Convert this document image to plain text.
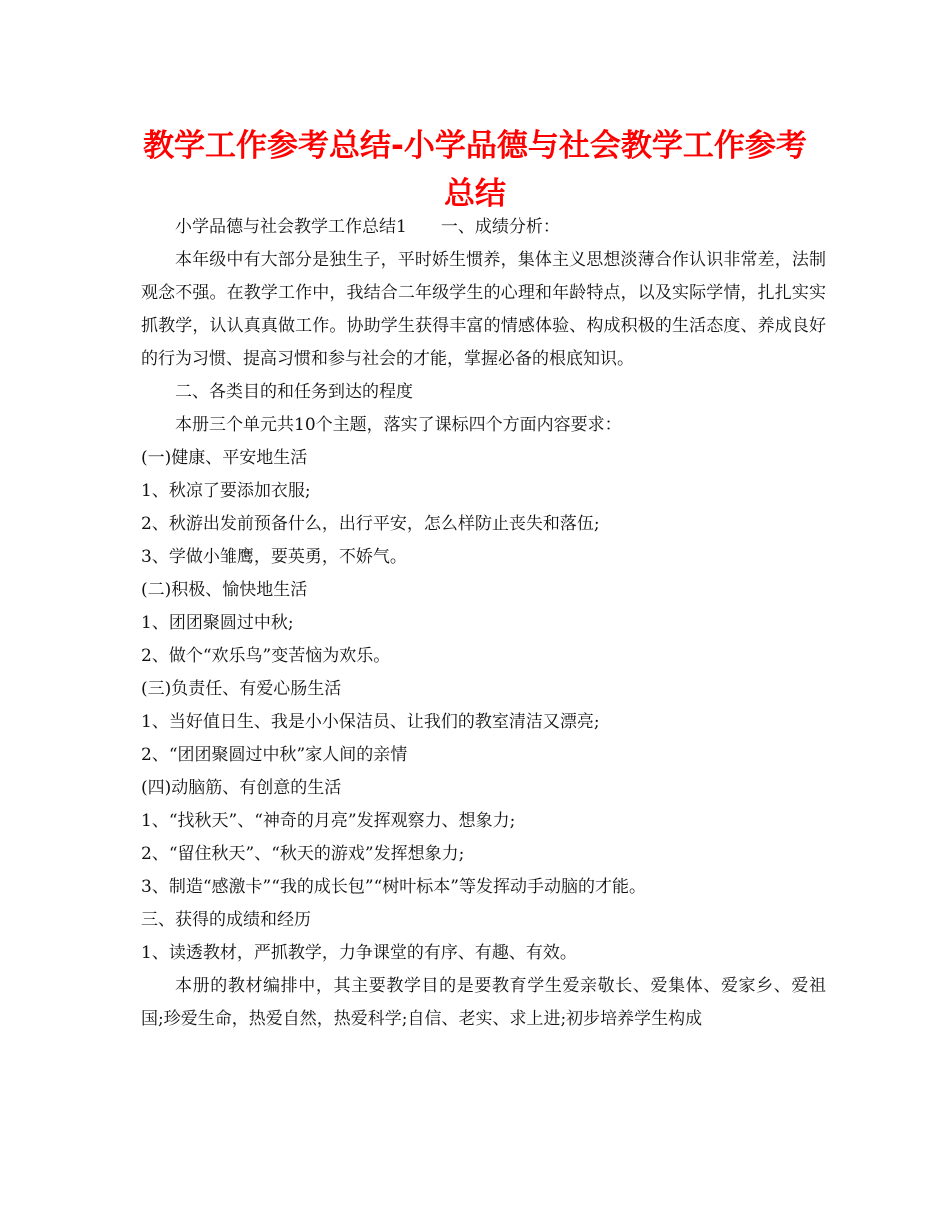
教学工作参考总结-小学品德与社会教学工作参考总结

小学品德与社会教学工作总结1 一、成绩分析：

本年级中有大部分是独生子，平时娇生惯养，集体主义思想淡薄合作认识非常差，法制观念不强。在教学工作中，我结合二年级学生的心理和年龄特点，以及实际学情，扎扎实实抓教学，认认真真做工作。协助学生获得丰富的情感体验、构成积极的生活态度、养成良好的行为习惯、提高习惯和参与社会的才能，掌握必备的根底知识。

二、各类目的和任务到达的程度

本册三个单元共10个主题，落实了课标四个方面内容要求：

(一)健康、平安地生活

1、秋凉了要添加衣服;

2、秋游出发前预备什么，出行平安，怎么样防止丧失和落伍;

3、学做小雏鹰，要英勇，不娇气。

(二)积极、愉快地生活

1、团团聚圆过中秋;

2、做个“欢乐鸟”变苦恼为欢乐。

(三)负责任、有爱心肠生活

1、当好值日生、我是小小保洁员、让我们的教室清洁又漂亮;

2、“团团聚圆过中秋”家人间的亲情

(四)动脑筋、有创意的生活

1、“找秋天”、“神奇的月亮”发挥观察力、想象力;

2、“留住秋天”、“秋天的游戏”发挥想象力;

3、制造“感激卡”“我的成长包”“树叶标本”等发挥动手动脑的才能。

三、获得的成绩和经历

1、读透教材，严抓教学，力争课堂的有序、有趣、有效。

本册的教材编排中，其主要教学目的是要教育学生爱亲敬长、爱集体、爱家乡、爱祖国;珍爱生命，热爱自然，热爱科学;自信、老实、求上进;初步培养学生构成
